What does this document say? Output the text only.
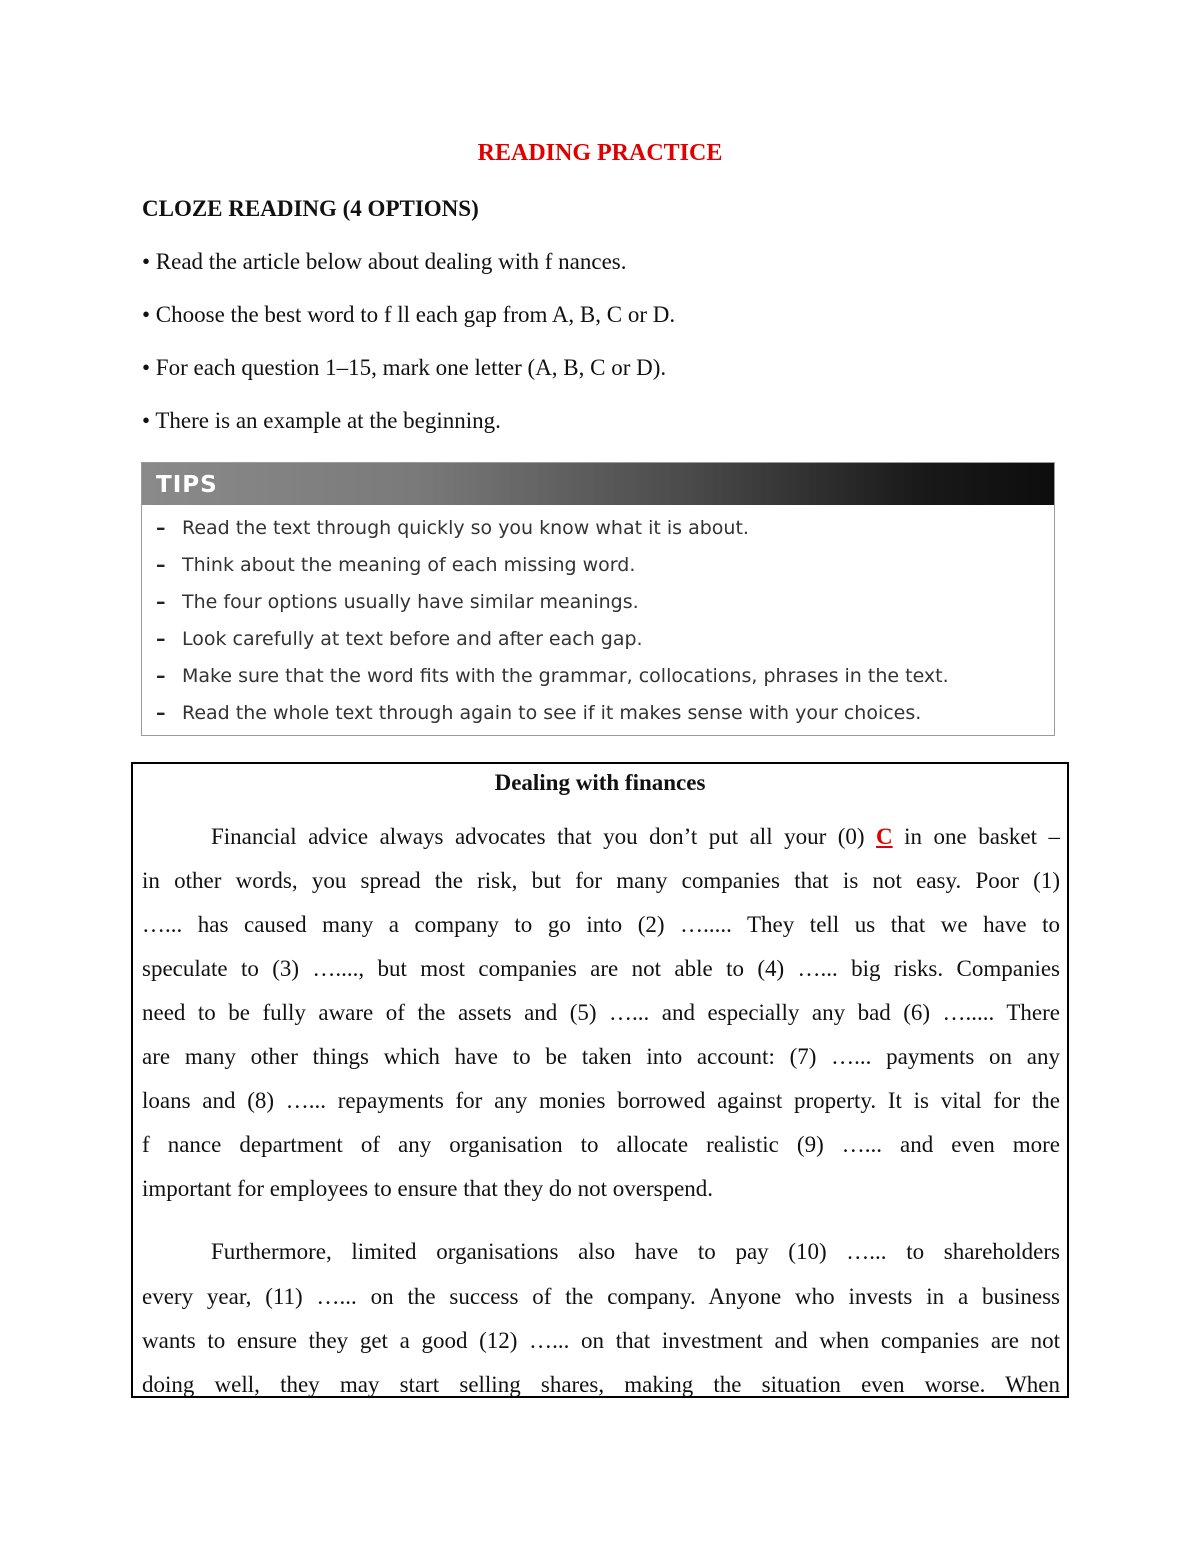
READING PRACTICE
CLOZE READING (4 OPTIONS)
• Read the article below about dealing with f nances.
• Choose the best word to f ll each gap from A, B, C or D.
• For each question 1–15, mark one letter (A, B, C or D).
• There is an example at the beginning.
TIPS
– Read the text through quickly so you know what it is about.
– Think about the meaning of each missing word.
– The four options usually have similar meanings.
– Look carefully at text before and after each gap.
– Make sure that the word fits with the grammar, collocations, phrases in the text.
– Read the whole text through again to see if it makes sense with your choices.
Dealing with finances
Financial advice always advocates that you don’t put all your (0) C in one basket –
in other words, you spread the risk, but for many companies that is not easy. Poor (1)
…... has caused many a company to go into (2) …..... They tell us that we have to
speculate to (3) …...., but most companies are not able to (4) …... big risks. Companies
need to be fully aware of the assets and (5) …... and especially any bad (6) …..... There
are many other things which have to be taken into account: (7) …... payments on any
loans and (8) …... repayments for any monies borrowed against property. It is vital for the
f nance department of any organisation to allocate realistic (9) …... and even more
important for employees to ensure that they do not overspend.
Furthermore, limited organisations also have to pay (10) …... to shareholders
every year, (11) …... on the success of the company. Anyone who invests in a business
wants to ensure they get a good (12) …... on that investment and when companies are not
doing well, they may start selling shares, making the situation even worse. When
